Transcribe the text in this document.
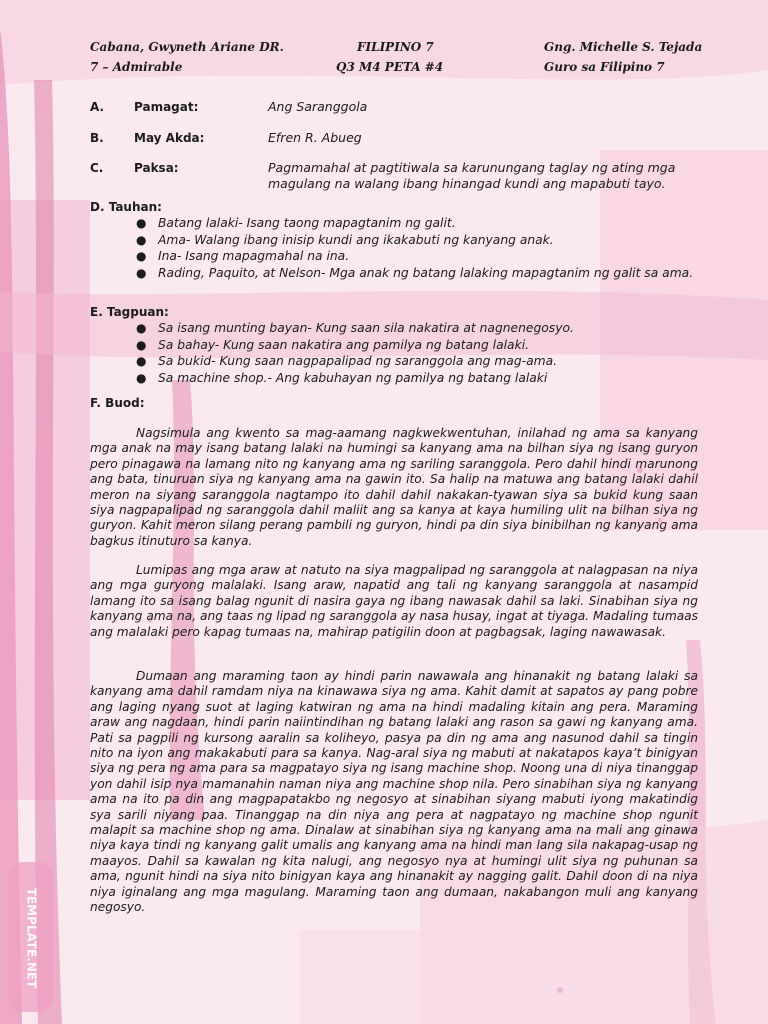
Cabana, Gwyneth Ariane DR.
7 – Admirable
FILIPINO 7
Q3 M4 PETA #4
Gng. Michelle S. Tejada
Guro sa Filipino 7
A. Pamagat:	Ang Saranggola

B.	May Akda:	Efren R. Abueg

C.	Paksa:	Pagmamahal at pagtitiwala sa karunungang taglay ng ating mga magulang na walang ibang hinangad kundi ang mapabuti tayo.

D. Tauhan:

● Batang lalaki- Isang taong mapagtanim ng galit.
● Ama- Walang ibang inisip kundi ang ikakabuti ng kanyang anak.
● Ina- Isang mapagmahal na ina.
● Rading, Paquito, at Nelson- Mga anak ng batang lalaking mapagtanim ng galit sa ama.

E. Tagpuan:

● Sa isang munting bayan- Kung saan sila nakatira at nagnenegosyo.
● Sa bahay- Kung saan nakatira ang pamilya ng batang lalaki.
● Sa bukid- Kung saan nagpapalipad ng saranggola ang mag-ama.
● Sa machine shop.- Ang kabuhayan ng pamilya ng batang lalaki

F. Buod:

Nagsimula ang kwento sa mag-aamang nagkwekwentuhan, inilahad ng ama sa kanyang mga anak na may isang batang lalaki na humingi sa kanyang ama na bilhan siya ng isang guryon pero pinagawa na lamang nito ng kanyang ama ng sariling saranggola. Pero dahil hindi marunong ang bata, tinuruan siya ng kanyang ama na gawin ito. Sa halip na matuwa ang batang lalaki dahil meron na siyang saranggola nagtampo ito dahil dahil nakakan-tyawan siya sa bukid kung saan siya nagpapalipad ng saranggola dahil maliit ang sa kanya at kaya humiling ulit na bilhan siya ng guryon. Kahit meron silang perang pambili ng guryon, hindi pa din siya binibilhan ng kanyang ama bagkus itinuturo sa kanya.

Lumipas ang mga araw at natuto na siya magpalipad ng saranggola at nalagpasan na niya ang mga guryong malalaki. Isang araw, napatid ang tali ng kanyang saranggola at nasampid lamang ito sa isang balag ngunit di nasira gaya ng ibang nawasak dahil sa laki. Sinabihan siya ng kanyang ama na, ang taas ng lipad ng saranggola ay nasa husay, ingat at tiyaga. Madaling tumaas ang malalaki pero kapag tumaas na, mahirap patigilin doon at pagbagsak, laging nawawasak.

Dumaan ang maraming taon ay hindi parin nawawala ang hinanakit ng batang lalaki sa kanyang ama dahil ramdam niya na kinawawa siya ng ama. Kahit damit at sapatos ay pang pobre ang laging nyang suot at laging katwiran ng ama na hindi madaling kitain ang pera. Maraming araw ang nagdaan, hindi parin naiintindihan ng batang lalaki ang rason sa gawi ng kanyang ama. Pati sa pagpili ng kursong aaralin sa koliheyo, pasya pa din ng ama ang nasunod dahil sa tingin nito na iyon ang makakabuti para sa kanya. Nag-aral siya ng mabuti at nakatapos kaya’t binigyan siya ng pera ng ama para sa magpatayo siya ng isang machine shop. Noong una di niya tinanggap yon dahil isip nya mamanahin naman niya ang machine shop nila. Pero sinabihan siya ng kanyang ama na ito pa din ang magpapatakbo ng negosyo at sinabihan siyang mabuti iyong makatindig sya sarili niyang paa. Tinanggap na din niya ang pera at nagpatayo ng machine shop ngunit malapit sa machine shop ng ama. Dinalaw at sinabihan siya ng kanyang ama na mali ang ginawa niya kaya tindi ng kanyang galit umalis ang kanyang ama na hindi man lang sila nakapag-usap ng maayos. Dahil sa kawalan ng kita nalugi, ang negosyo nya at humingi ulit siya ng puhunan sa ama, ngunit hindi na siya nito binigyan kaya ang hinanakit ay nagging galit. Dahil doon di na niya niya iginalang ang mga magulang. Maraming taon ang dumaan, nakabangon muli ang kanyang negosyo.

TEMPLATE.NET
